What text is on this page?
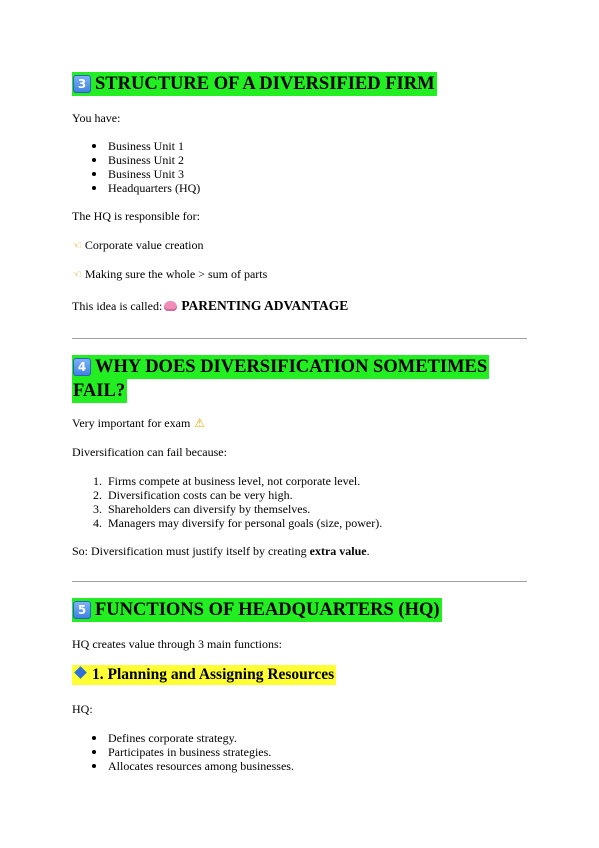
3 STRUCTURE OF A DIVERSIFIED FIRM
You have:
Business Unit 1
Business Unit 2
Business Unit 3
Headquarters (HQ)
The HQ is responsible for:
☜ Corporate value creation
☜ Making sure the whole > sum of parts
This idea is called: PARENTING ADVANTAGE
4 WHY DOES DIVERSIFICATION SOMETIMES
FAIL?
Very important for exam ⚠
Diversification can fail because:
1. Firms compete at business level, not corporate level.
2. Diversification costs can be very high.
3. Shareholders can diversify by themselves.
4. Managers may diversify for personal goals (size, power).
So: Diversification must justify itself by creating extra value.
5 FUNCTIONS OF HEADQUARTERS (HQ)
HQ creates value through 3 main functions:
1. Planning and Assigning Resources
HQ:
Defines corporate strategy.
Participates in business strategies.
Allocates resources among businesses.
